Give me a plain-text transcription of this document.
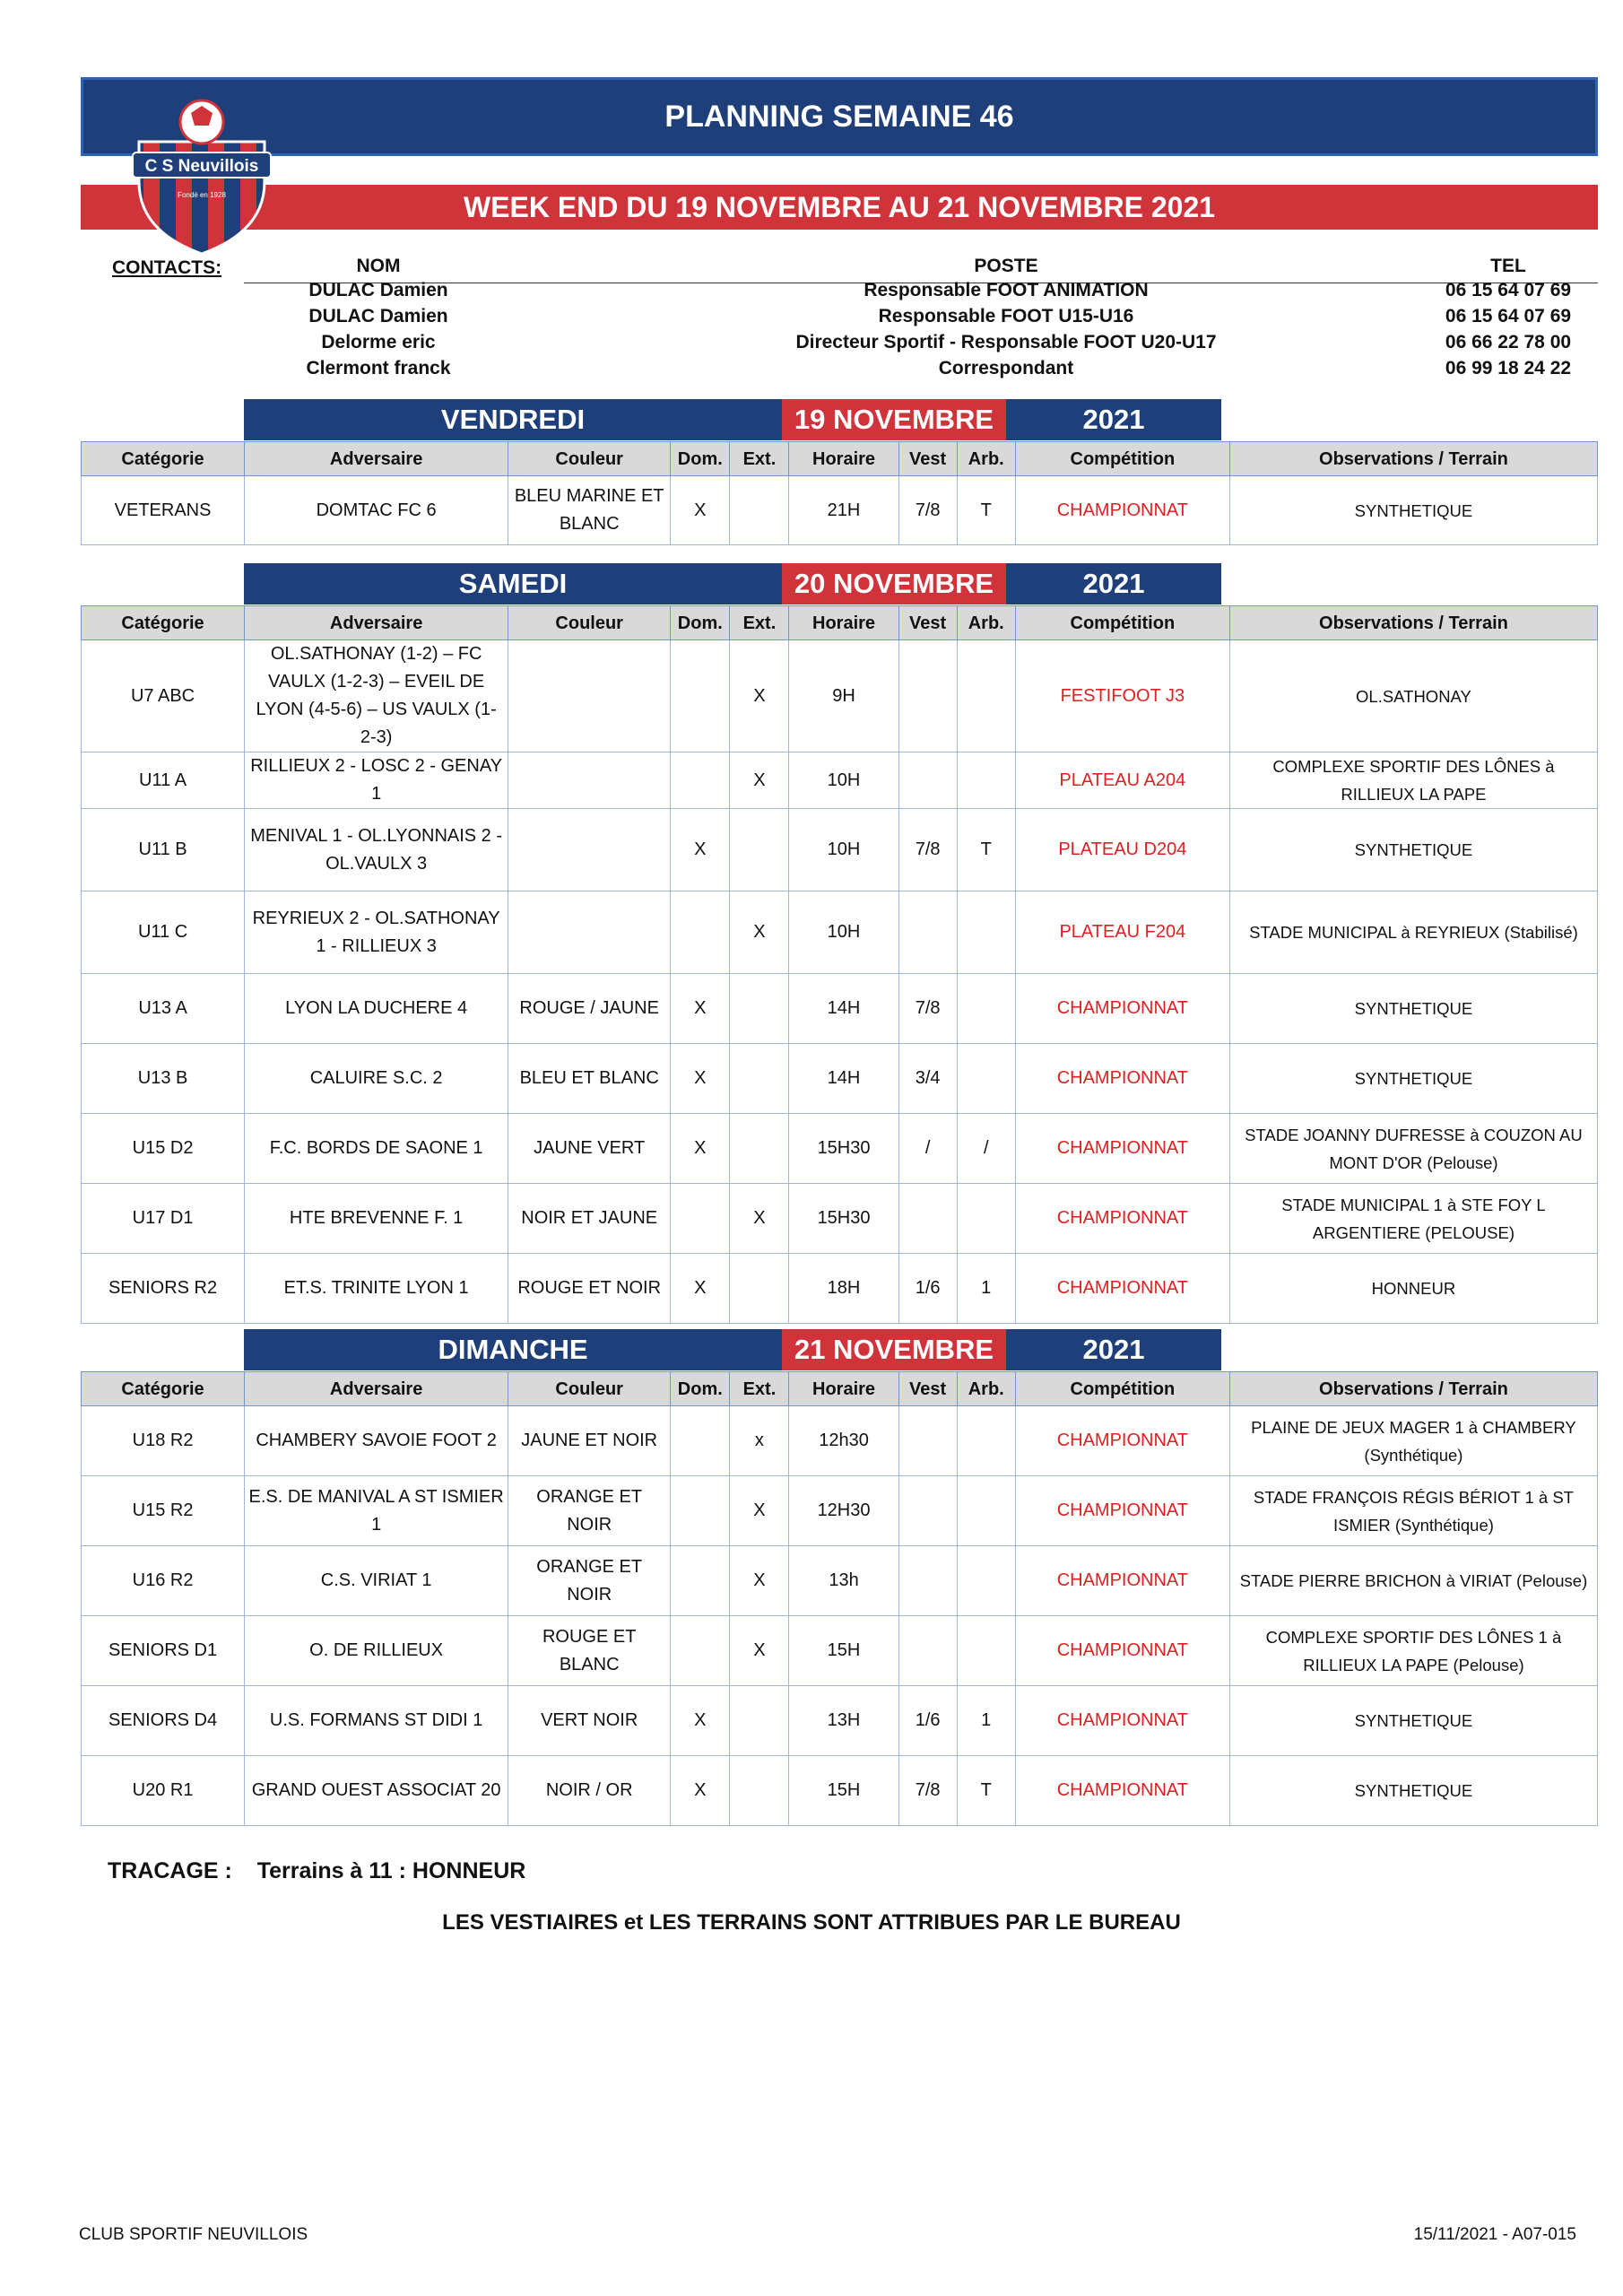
PLANNING SEMAINE 46
WEEK END DU 19 NOVEMBRE AU 21 NOVEMBRE 2021
C S Neuvillois
Fondé en 1928
CONTACTS:	NOM	POSTE	TEL
DULAC Damien	Responsable FOOT ANIMATION	06 15 64 07 69
DULAC Damien	Responsable FOOT U15-U16	06 15 64 07 69
Delorme eric	Directeur Sportif - Responsable FOOT U20-U17	06 66 22 78 00
Clermont franck	Correspondant	06 99 18 24 22
VENDREDI	19 NOVEMBRE	2021
Catégorie	Adversaire	Couleur	Dom.	Ext.	Horaire	Vest	Arb.	Compétition	Observations / Terrain
VETERANS	DOMTAC FC 6	BLEU MARINE ET BLANC	X		21H	7/8	T	CHAMPIONNAT	SYNTHETIQUE
SAMEDI	20 NOVEMBRE	2021
Catégorie	Adversaire	Couleur	Dom.	Ext.	Horaire	Vest	Arb.	Compétition	Observations / Terrain
U7 ABC	OL.SATHONAY (1-2) – FC VAULX (1-2-3) – EVEIL DE LYON (4-5-6) – US VAULX (1-2-3)			X	9H			FESTIFOOT J3	OL.SATHONAY
U11 A	RILLIEUX 2 - LOSC 2 - GENAY 1			X	10H			PLATEAU A204	COMPLEXE SPORTIF DES LÔNES à RILLIEUX LA PAPE
U11 B	MENIVAL 1 - OL.LYONNAIS 2 - OL.VAULX 3		X		10H	7/8	T	PLATEAU D204	SYNTHETIQUE
U11 C	REYRIEUX 2 - OL.SATHONAY 1 - RILLIEUX 3			X	10H			PLATEAU F204	STADE MUNICIPAL à REYRIEUX (Stabilisé)
U13 A	LYON LA DUCHERE 4	ROUGE / JAUNE	X		14H	7/8		CHAMPIONNAT	SYNTHETIQUE
U13 B	CALUIRE S.C. 2	BLEU ET BLANC	X		14H	3/4		CHAMPIONNAT	SYNTHETIQUE
U15 D2	F.C. BORDS DE SAONE 1	JAUNE VERT	X		15H30	/	/	CHAMPIONNAT	STADE JOANNY DUFRESSE à COUZON AU MONT D'OR (Pelouse)
U17 D1	HTE BREVENNE F. 1	NOIR ET JAUNE		X	15H30			CHAMPIONNAT	STADE MUNICIPAL 1 à STE FOY L ARGENTIERE (PELOUSE)
SENIORS R2	ET.S. TRINITE LYON 1	ROUGE ET NOIR	X		18H	1/6	1	CHAMPIONNAT	HONNEUR
DIMANCHE	21 NOVEMBRE	2021
Catégorie	Adversaire	Couleur	Dom.	Ext.	Horaire	Vest	Arb.	Compétition	Observations / Terrain
U18 R2	CHAMBERY SAVOIE FOOT 2	JAUNE ET NOIR		x	12h30			CHAMPIONNAT	PLAINE DE JEUX MAGER 1 à CHAMBERY (Synthétique)
U15 R2	E.S. DE MANIVAL A ST ISMIER 1	ORANGE ET NOIR		X	12H30			CHAMPIONNAT	STADE FRANÇOIS RÉGIS BÉRIOT 1 à ST ISMIER (Synthétique)
U16 R2	C.S. VIRIAT 1	ORANGE ET NOIR		X	13h			CHAMPIONNAT	STADE PIERRE BRICHON à VIRIAT (Pelouse)
SENIORS D1	O. DE RILLIEUX	ROUGE ET BLANC		X	15H			CHAMPIONNAT	COMPLEXE SPORTIF DES LÔNES 1 à RILLIEUX LA PAPE (Pelouse)
SENIORS D4	U.S. FORMANS ST DIDI 1	VERT NOIR	X		13H	1/6	1	CHAMPIONNAT	SYNTHETIQUE
U20 R1	GRAND OUEST ASSOCIAT 20	NOIR / OR	X		15H	7/8	T	CHAMPIONNAT	SYNTHETIQUE
TRACAGE : Terrains à 11 : HONNEUR
LES VESTIAIRES et LES TERRAINS SONT ATTRIBUES PAR LE BUREAU
CLUB SPORTIF NEUVILLOIS	15/11/2021 - A07-015
